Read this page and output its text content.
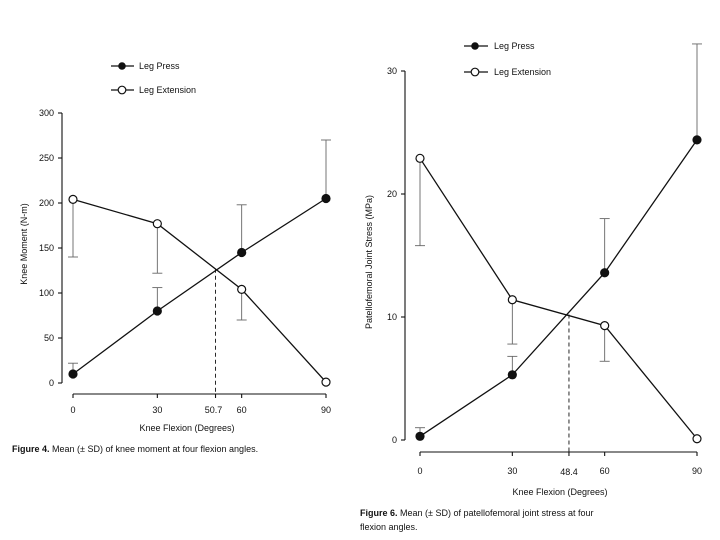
Leg Press
Leg Extension
Knee Moment (N-m)
Knee Flexion (Degrees)
0
50
100
150
200
250
300
0	30	60	90
50.7
Figure 4. Mean (± SD) of knee moment at four flexion angles.
Leg Press
Leg Extension
Patellofemoral Joint Stress (MPa)
Knee Flexion (Degrees)
0
10
20
30
0	30	60	90
48.4
Figure 6. Mean (± SD) of patellofemoral joint stress at four flexion angles.
